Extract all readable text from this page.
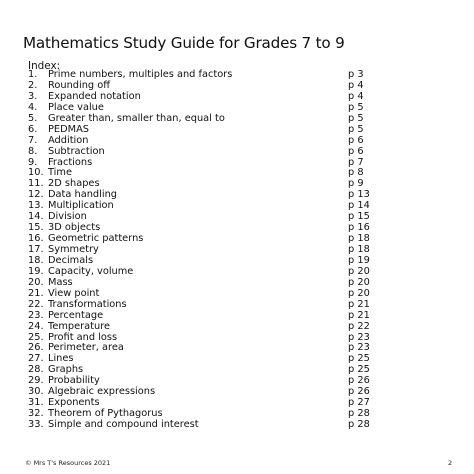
Mathematics Study Guide for Grades 7 to 9
Index:
1. Prime numbers, multiples and factors	p 3
2. Rounding off	p 4
3. Expanded notation	p 4
4. Place value	p 5
5. Greater than, smaller than, equal to	p 5
6. PEDMAS	p 5
7. Addition	p 6
8. Subtraction	p 6
9. Fractions	p 7
10. Time	p 8
11. 2D shapes	p 9
12. Data handling	p 13
13. Multiplication	p 14
14. Division	p 15
15. 3D objects	p 16
16. Geometric patterns	p 18
17. Symmetry	p 18
18. Decimals	p 19
19. Capacity, volume	p 20
20. Mass	p 20
21. View point	p 20
22. Transformations	p 21
23. Percentage	p 21
24. Temperature	p 22
25. Profit and loss	p 23
26. Perimeter, area	p 23
27. Lines	p 25
28. Graphs	p 25
29. Probability	p 26
30. Algebraic expressions	p 26
31. Exponents	p 27
32. Theorem of Pythagorus	p 28
33. Simple and compound interest	p 28
© Mrs T's Resources 2021	2
